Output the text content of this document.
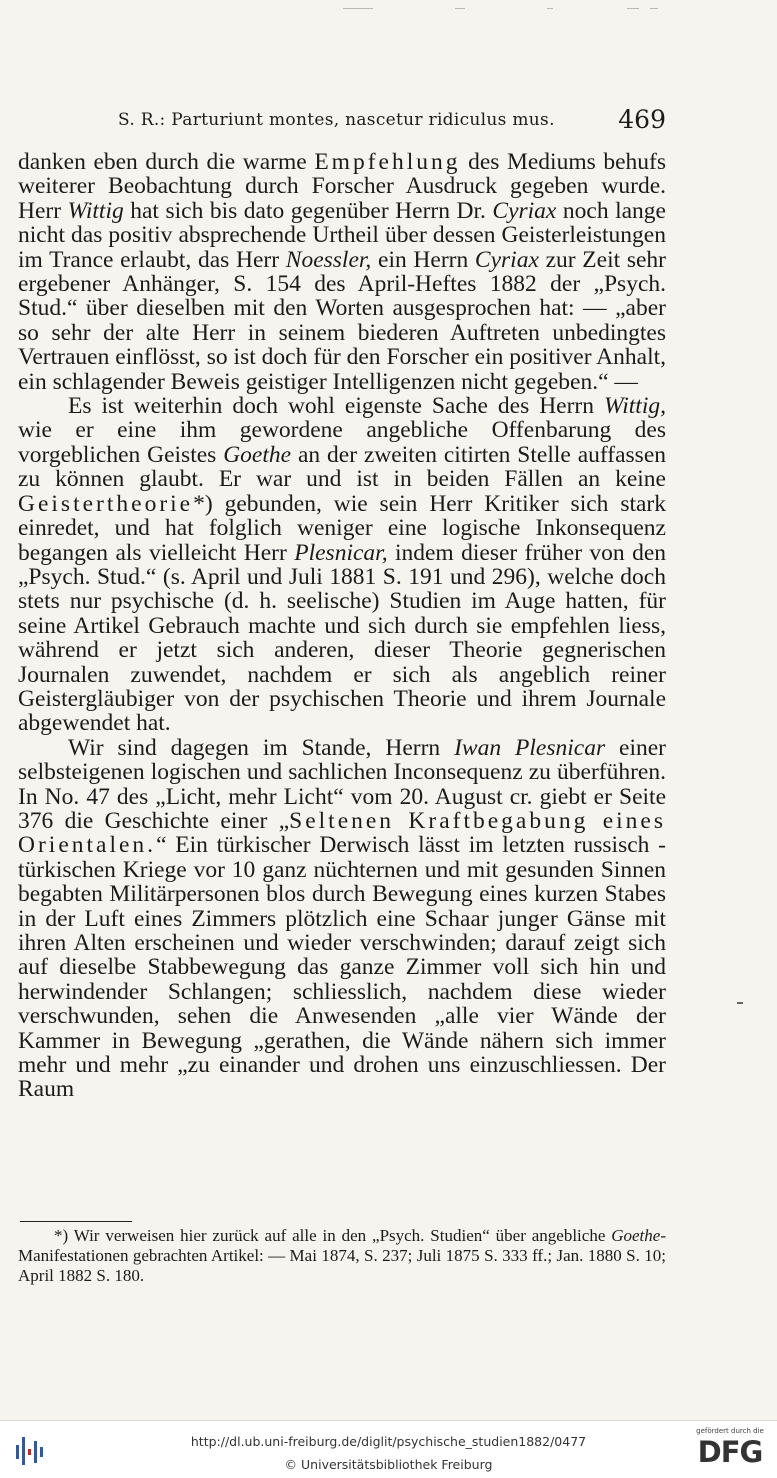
S. R.: Parturiunt montes, nascetur ridiculus mus.	469

danken eben durch die warme Empfehlung des Mediums behufs weiterer Beobachtung durch Forscher Ausdruck gegeben wurde. Herr Wittig hat sich bis dato gegenüber Herrn Dr. Cyriax noch lange nicht das positiv absprechende Urtheil über dessen Geisterleistungen im Trance erlaubt, das Herr Noessler, ein Herrn Cyriax zur Zeit sehr ergebener Anhänger, S. 154 des April-Heftes 1882 der „Psych. Stud.“ über dieselben mit den Worten ausgesprochen hat: — „aber so sehr der alte Herr in seinem biederen Auftreten unbedingtes Vertrauen einflösst, so ist doch für den Forscher ein positiver Anhalt, ein schlagender Beweis geistiger Intelligenzen nicht gegeben.“ —

Es ist weiterhin doch wohl eigenste Sache des Herrn Wittig, wie er eine ihm gewordene angebliche Offenbarung des vorgeblichen Geistes Goethe an der zweiten citirten Stelle auffassen zu können glaubt. Er war und ist in beiden Fällen an keine Geistertheorie*) gebunden, wie sein Herr Kritiker sich stark einredet, und hat folglich weniger eine logische Inkonsequenz begangen als vielleicht Herr Plesnicar, indem dieser früher von den „Psych. Stud.“ (s. April und Juli 1881 S. 191 und 296), welche doch stets nur psychische (d. h. seelische) Studien im Auge hatten, für seine Artikel Gebrauch machte und sich durch sie empfehlen liess, während er jetzt sich anderen, dieser Theorie gegnerischen Journalen zuwendet, nachdem er sich als angeblich reiner Geistergläubiger von der psychischen Theorie und ihrem Journale abgewendet hat.

Wir sind dagegen im Stande, Herrn Iwan Plesnicar einer selbsteigenen logischen und sachlichen Inconsequenz zu überführen. In No. 47 des „Licht, mehr Licht“ vom 20. August cr. giebt er Seite 376 die Geschichte einer „Seltenen Kraftbegabung eines Orientalen.“ Ein türkischer Derwisch lässt im letzten russisch - türkischen Kriege vor 10 ganz nüchternen und mit gesunden Sinnen begabten Militärpersonen blos durch Bewegung eines kurzen Stabes in der Luft eines Zimmers plötzlich eine Schaar junger Gänse mit ihren Alten erscheinen und wieder verschwinden; darauf zeigt sich auf dieselbe Stabbewegung das ganze Zimmer voll sich hin und herwindender Schlangen; schliesslich, nachdem diese wieder verschwunden, sehen die Anwesenden „alle vier Wände der Kammer in Bewegung „gerathen, die Wände nähern sich immer mehr und mehr „zu einander und drohen uns einzuschliessen. Der Raum

*) Wir verweisen hier zurück auf alle in den „Psych. Studien“ über angebliche Goethe-Manifestationen gebrachten Artikel: — Mai 1874, S. 237; Juli 1875 S. 333 ff.; Jan. 1880 S. 10; April 1882 S. 180.

http://dl.ub.uni-freiburg.de/diglit/psychische_studien1882/0477
© Universitätsbibliothek Freiburg
gefördert durch die
DFG
